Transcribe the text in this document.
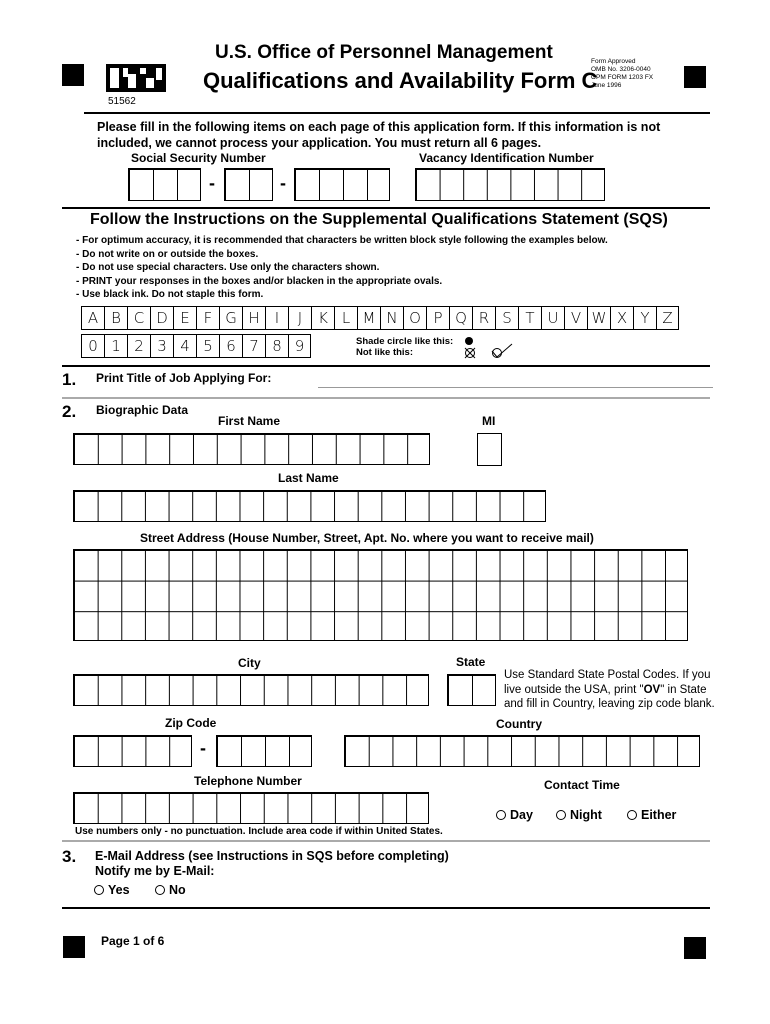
U.S. Office of Personnel Management
Qualifications and Availability Form C
Form Approved
OMB No. 3206-0040
OPM FORM 1203 FX
June 1996
51562
Please fill in the following items on each page of this application form. If this information is not included, we cannot process your application. You must return all 6 pages.
Social Security Number	Vacancy Identification Number
-	-
Follow the Instructions on the Supplemental Qualifications Statement (SQS)
- For optimum accuracy, it is recommended that characters be written block style following the examples below.
- Do not write on or outside the boxes.
- Do not use special characters. Use only the characters shown.
- PRINT your responses in the boxes and/or blacken in the appropriate ovals.
- Use black ink. Do not staple this form.
A B C D E F G H	I	J	K L M N O P Q R S T U V W X Y Z
0 1 2 3 4 5 6 7 8 9	Shade circle like this:
Not like this:
1. Print Title of Job Applying For:
2. Biographic Data
First Name	MI
Last Name
Street Address (House Number, Street, Apt. No. where you want to receive mail)
City	State
Use Standard State Postal Codes. If you
live outside the USA, print "OV" in State
and fill in Country, leaving zip code blank.
Zip Code	Country
-
Telephone Number	Contact Time
Day	Night	Either
Use numbers only - no punctuation. Include area code if within United States.
3. E-Mail Address (see Instructions in SQS before completing)
Notify me by E-Mail:
Yes	No
Page 1 of 6
